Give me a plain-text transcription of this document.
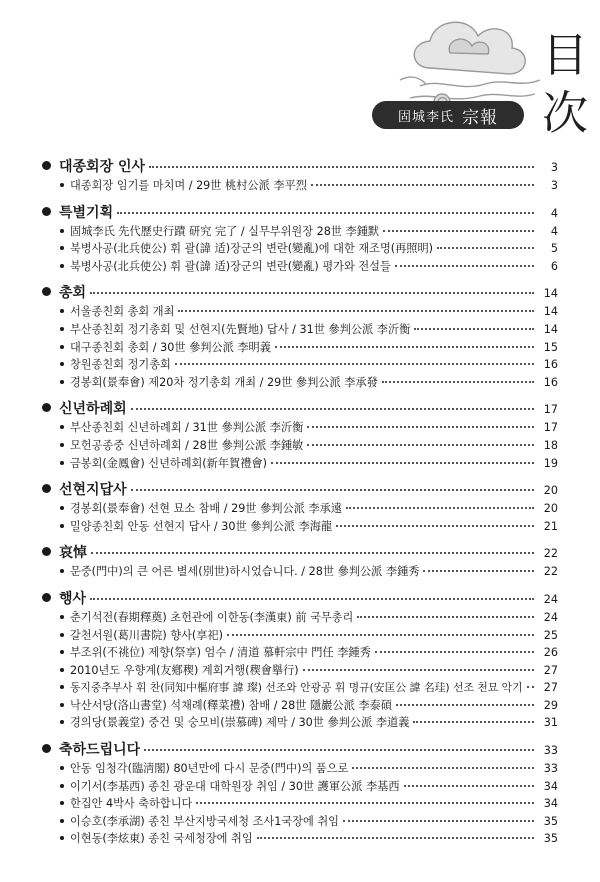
目
次
固城李氏 宗報
대종회장 인사	3
대종회장 임기를 마치며 / 29世 桃村公派 李平烈	3
특별기획	4
固城李氏 先代歷史行蹟 研究 完了 / 실무부위원장 28世 李鍾默	4
북병사공(北兵使公) 휘 괄(諱 适)장군의 변란(變亂)에 대한 재조명(再照明)	5
북병사공(北兵使公) 휘 괄(諱 适)장군의 변란(變亂) 평가와 전설들	6
총회	14
서울종친회 총회 개최	14
부산종친회 정기총회 및 선현지(先賢地) 답사 / 31世 參判公派 李沂衡	14
대구종친회 총회 / 30世 參判公派 李明義	15
창원종친회 정기총회	16
경봉회(景奉會) 제20차 정기총회 개최 / 29世 參判公派 李承發	16
신년하례회	17
부산종친회 신년하례회 / 31世 參判公派 李沂衡	17
모헌공종중 신년하례회 / 28世 參判公派 李鍾敏	18
금봉회(金鳳會) 신년하례회(新年賀禮會)	19
선현지답사	20
경봉회(景奉會) 선현 묘소 참배 / 29世 參判公派 李承遠	20
밀양종친회 안동 선현지 답사 / 30世 參判公派 李海龍	21
哀悼	22
문중(門中)의 큰 어른 별세(別世)하시었습니다. / 28世 參判公派 李鍾秀	22
행사	24
춘기석전(春期釋奠) 초헌관에 이한동(李漢東) 前 국무총리	24
갈천서원(葛川書院) 향사(享祀)	25
부조위(不祧位) 제향(祭享) 엄수 / 清道 慕軒宗中 門任 李鍾秀	26
2010년도 우향계(友鄕稧) 계회거행(稧會擧行)	27
동지중추부사 휘 찬(同知中樞府事 諱 璨) 선조와 안광공 휘 명규(安匡公 諱 名珪) 선조 천묘 악기	27
낙산서당(洛山書堂) 석채례(釋菜禮) 참배 / 28世 隱巖公派 李泰碩	29
경의당(景義堂) 중건 및 숭모비(崇慕碑) 제막 / 30世 參判公派 李道義	31
축하드립니다	33
안동 임청각(臨淸閣) 80년만에 다시 문중(門中)의 품으로	33
이기서(李基西) 종친 광운대 대학원장 취임 / 30世 護軍公派 李基西	34
한집안 4박사 축하합니다	34
이승호(李承湖) 종친 부산지방국세청 조사1국장에 취임	35
이현동(李炫東) 종친 국세청장에 취임	35
